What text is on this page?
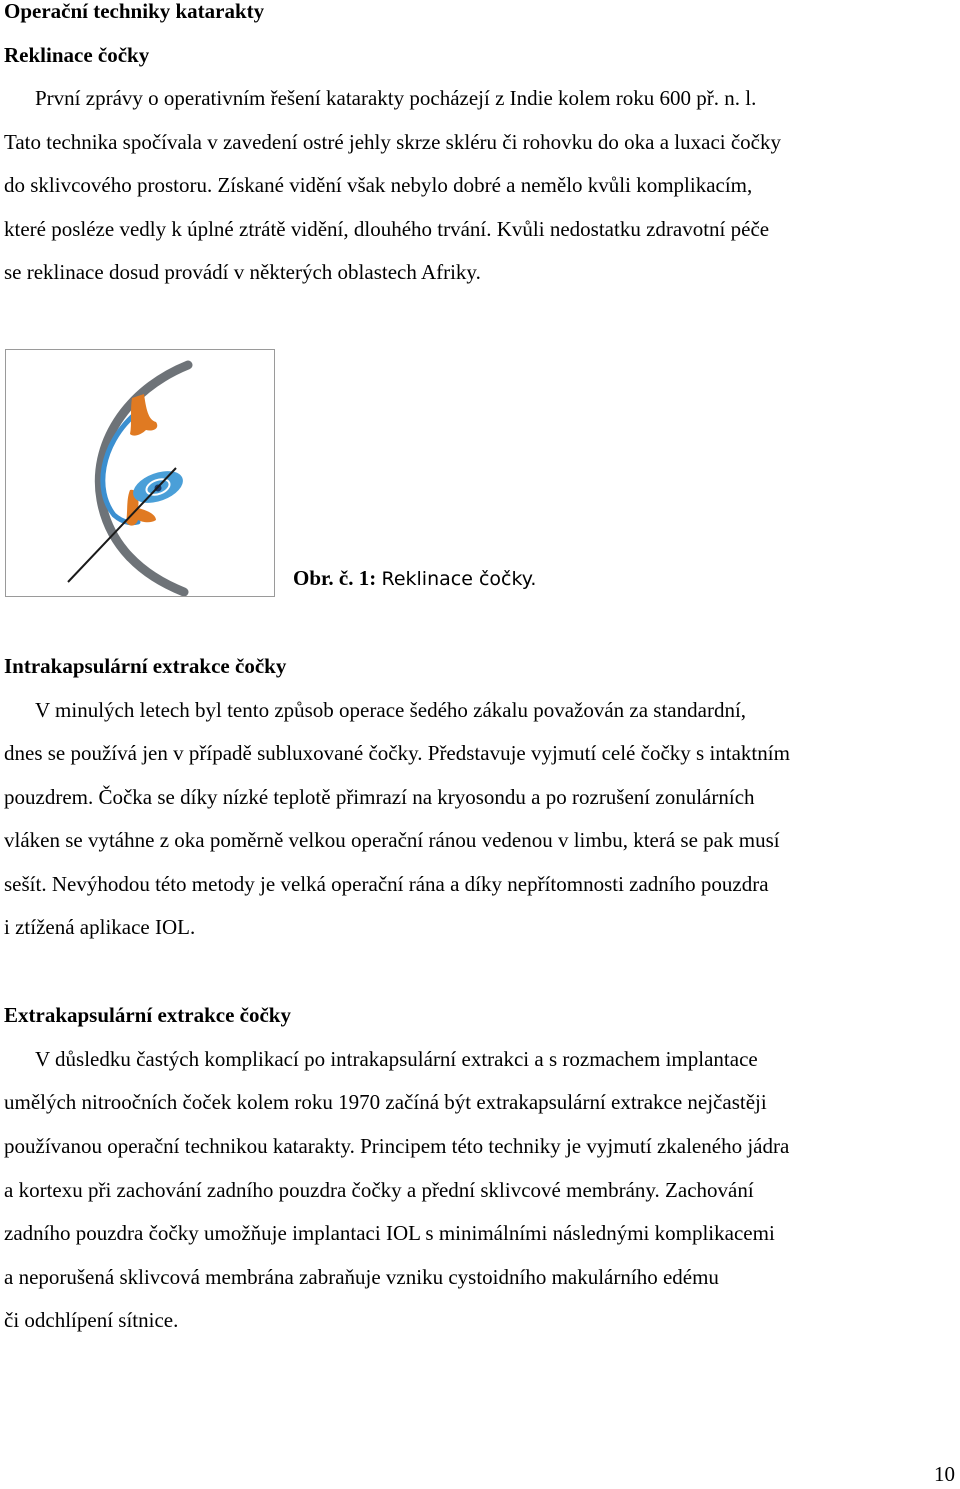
Operační techniky katarakty
Reklinace čočky
První zprávy o operativním řešení katarakty pocházejí z Indie kolem roku 600 př. n. l.
Tato technika spočívala v zavedení ostré jehly skrze skléru či rohovku do oka a luxaci čočky
do sklivcového prostoru. Získané vidění však nebylo dobré a nemělo kvůli komplikacím,
které posléze vedly k úplné ztrátě vidění, dlouhého trvání. Kvůli nedostatku zdravotní péče
se reklinace dosud provádí v některých oblastech Afriky.
Obr. č. 1: Reklinace čočky.
Intrakapsulární extrakce čočky
V minulých letech byl tento způsob operace šedého zákalu považován za standardní,
dnes se používá jen v případě subluxované čočky. Představuje vyjmutí celé čočky s intaktním
pouzdrem. Čočka se díky nízké teplotě přimrazí na kryosondu a po rozrušení zonulárních
vláken se vytáhne z oka poměrně velkou operační ránou vedenou v limbu, která se pak musí
sešít. Nevýhodou této metody je velká operační rána a díky nepřítomnosti zadního pouzdra
i ztížená aplikace IOL.
Extrakapsulární extrakce čočky
V důsledku častých komplikací po intrakapsulární extrakci a s rozmachem implantace
umělých nitroočních čoček kolem roku 1970 začíná být extrakapsulární extrakce nejčastěji
používanou operační technikou katarakty. Principem této techniky je vyjmutí zkaleného jádra
a kortexu při zachování zadního pouzdra čočky a přední sklivcové membrány. Zachování
zadního pouzdra čočky umožňuje implantaci IOL s minimálními následnými komplikacemi
a neporušená sklivcová membrána zabraňuje vzniku cystoidního makulárního edému
či odchlípení sítnice.
10
